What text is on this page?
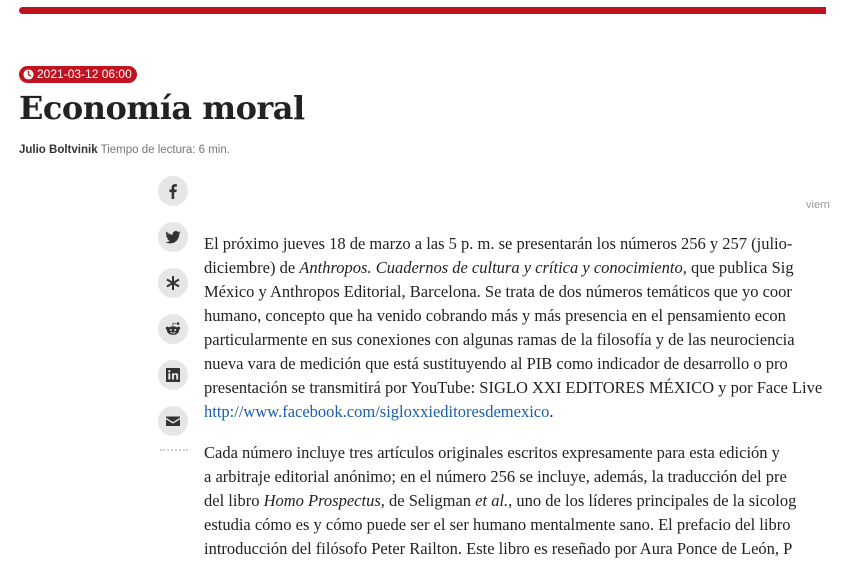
2021-03-12 06:00
Economía moral
Julio Boltvinik Tiempo de lectura: 6 min.
viern

El próximo jueves 18 de marzo a las 5 p. m. se presentarán los números 256 y 257 (julio-
diciembre) de Anthropos. Cuadernos de cultura y crítica y conocimiento, que publica Sig
México y Anthropos Editorial, Barcelona. Se trata de dos números temáticos que yo coor
humano, concepto que ha venido cobrando más y más presencia en el pensamiento econ
particularmente en sus conexiones con algunas ramas de la filosofía y de las neurociencia
nueva vara de medición que está sustituyendo al PIB como indicador de desarrollo o pro
presentación se transmitirá por YouTube: SIGLO XXI EDITORES MÉXICO y por Face Live
http://www.facebook.com/sigloxxieditoresdemexico.

Cada número incluye tres artículos originales escritos expresamente para esta edición y
a arbitraje editorial anónimo; en el número 256 se incluye, además, la traducción del pre
del libro Homo Prospectus, de Seligman et al., uno de los líderes principales de la sicolog
estudia cómo es y cómo puede ser el ser humano mentalmente sano. El prefacio del libro
introducción del filósofo Peter Railton. Este libro es reseñado por Aura Ponce de León, P
